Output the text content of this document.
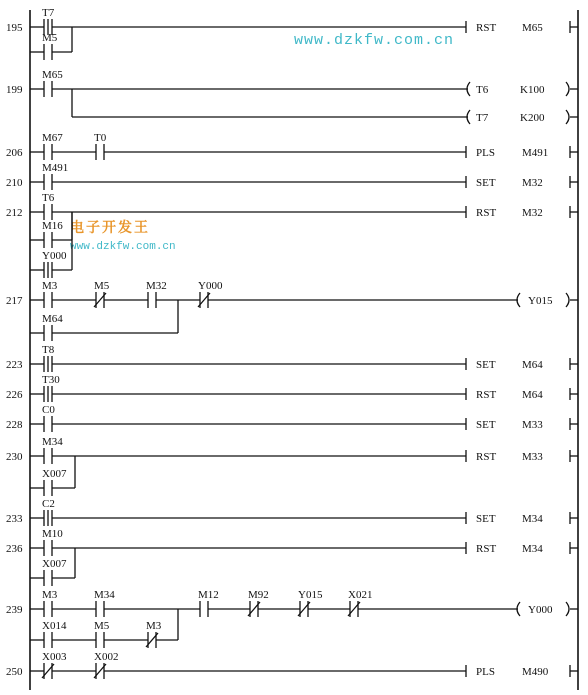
www.dzkfw.com.cn
电子开发王
www.dzkfw.com.cn
195	RST M65
T7
M5
199	T6	K100
M65
T7	K200
206	PLS M491
M67	T0
210	SET M32
M491
212	RST M32
T6
M16
Y000
217	Y015
M3	M5	M32	Y000
M64
223	SET M64
T8
226	RST M64
T30
228	SET M33
C0
230	RST M33
M34
X007
233	SET M34
C2
236	RST M34
M10
X007
239	Y000
M3	M34	M12	M92	Y015 X021
X014	M5	M3
250	PLS M490
X003	X002
